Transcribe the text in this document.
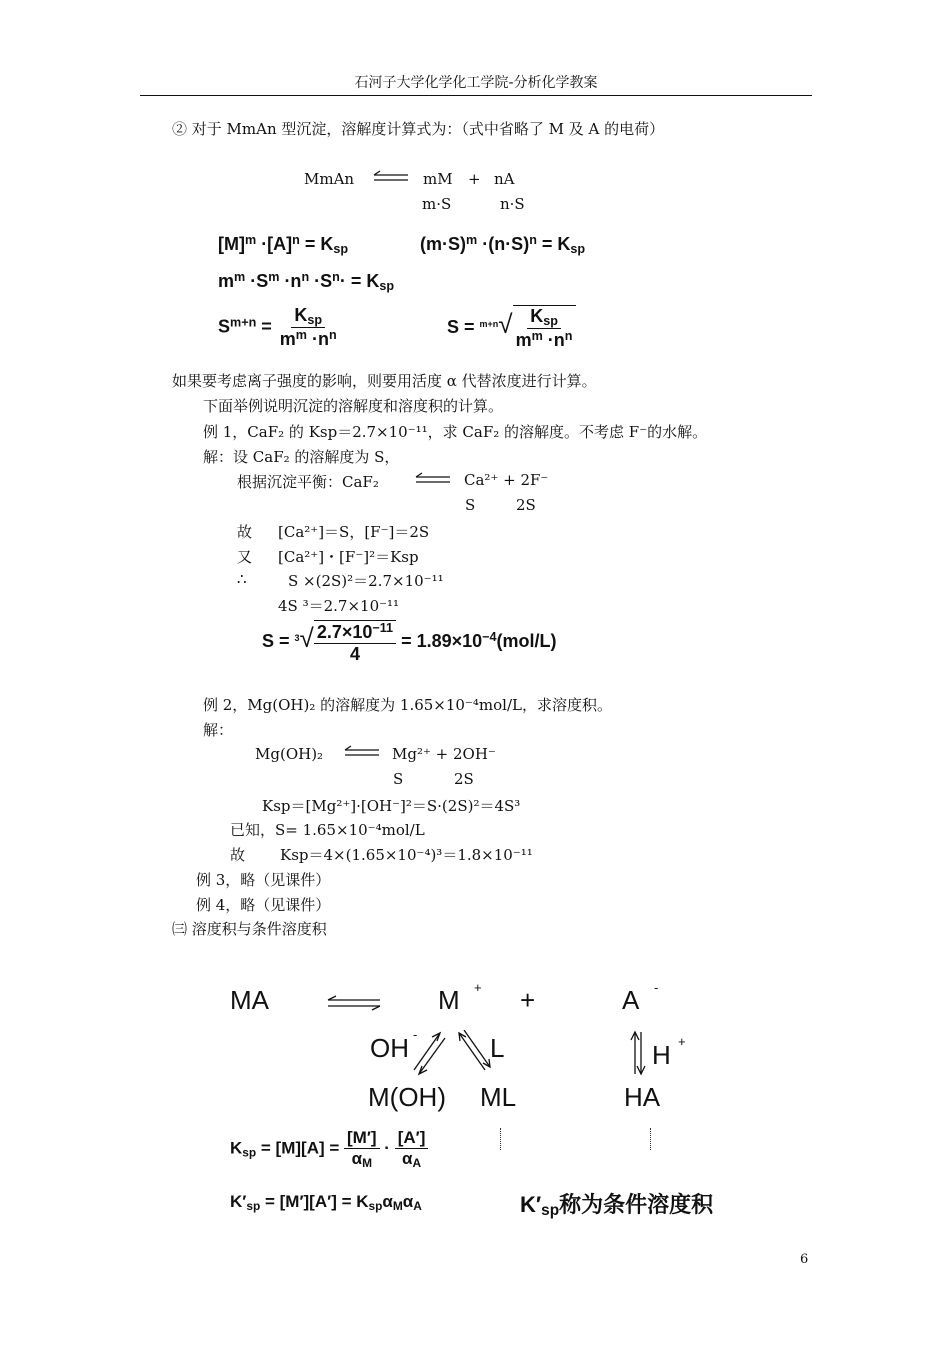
石河子大学化学化工学院-分析化学教案
② 对于 MmAn 型沉淀，溶解度计算式为：（式中省略了 M 及 A 的电荷）
MmAn	mM + nA
m·S	n·S
$[M]^m \cdot[A]^n = K_{sp}$	$(m\cdot S)^m \cdot(n\cdot S)^n = K_{sp}$
$m^m \cdot S^m \cdot n^n \cdot S^n\cdot = K_{sp}$
$S^{m+n} = \frac{K_{sp}}{m^m \cdot n^n}$	$S = ^{m+n}√ \frac{K_{sp}}{m^m \cdot n^n}$
如果要考虑离子强度的影响，则要用活度 α 代替浓度进行计算。
下面举例说明沉淀的溶解度和溶度积的计算。
例 1，CaF₂ 的 Ksp＝2.7×10⁻¹¹，求 CaF₂ 的溶解度。不考虑 F⁻的水解。
解：设 CaF₂ 的溶解度为 S，
根据沉淀平衡：CaF₂	Ca²⁺ + 2F⁻
S	2S
故 [Ca²⁺]＝S，[F⁻]＝2S
又 [Ca²⁺]・[F⁻]²＝Ksp
∴	S ×(2S)²＝2.7×10⁻¹¹
4S ³＝2.7×10⁻¹¹
$S = ^3√ \frac{2.7\times 10^{-11}}{4} = 1.89\times 10^{-4}(mol/L)$
例 2，Mg(OH)₂ 的溶解度为 1.65×10⁻⁴mol/L，求溶度积。
解：
Mg(OH)₂	Mg²⁺ + 2OH⁻
S	2S
Ksp＝[Mg²⁺]·[OH⁻]²＝S·(2S)²＝4S³
已知，S= 1.65×10⁻⁴mol/L
故 Ksp＝4×(1.65×10⁻⁴)³＝1.8×10⁻¹¹
例 3，略（见课件）
例 4，略（见课件）
㈢ 溶度积与条件溶度积
MA	M + +	A -
OH -	L	H +
M(OH) ML	HA
$K_{sp} = [M][A] = \frac{[M']}{\alpha_M} \cdot \frac{[A']}{\alpha_A}$
$K'_{sp} = [M'][A'] = K_{sp}\alpha_M\alpha_A$	$K'_{sp}$称为条件溶度积
6
